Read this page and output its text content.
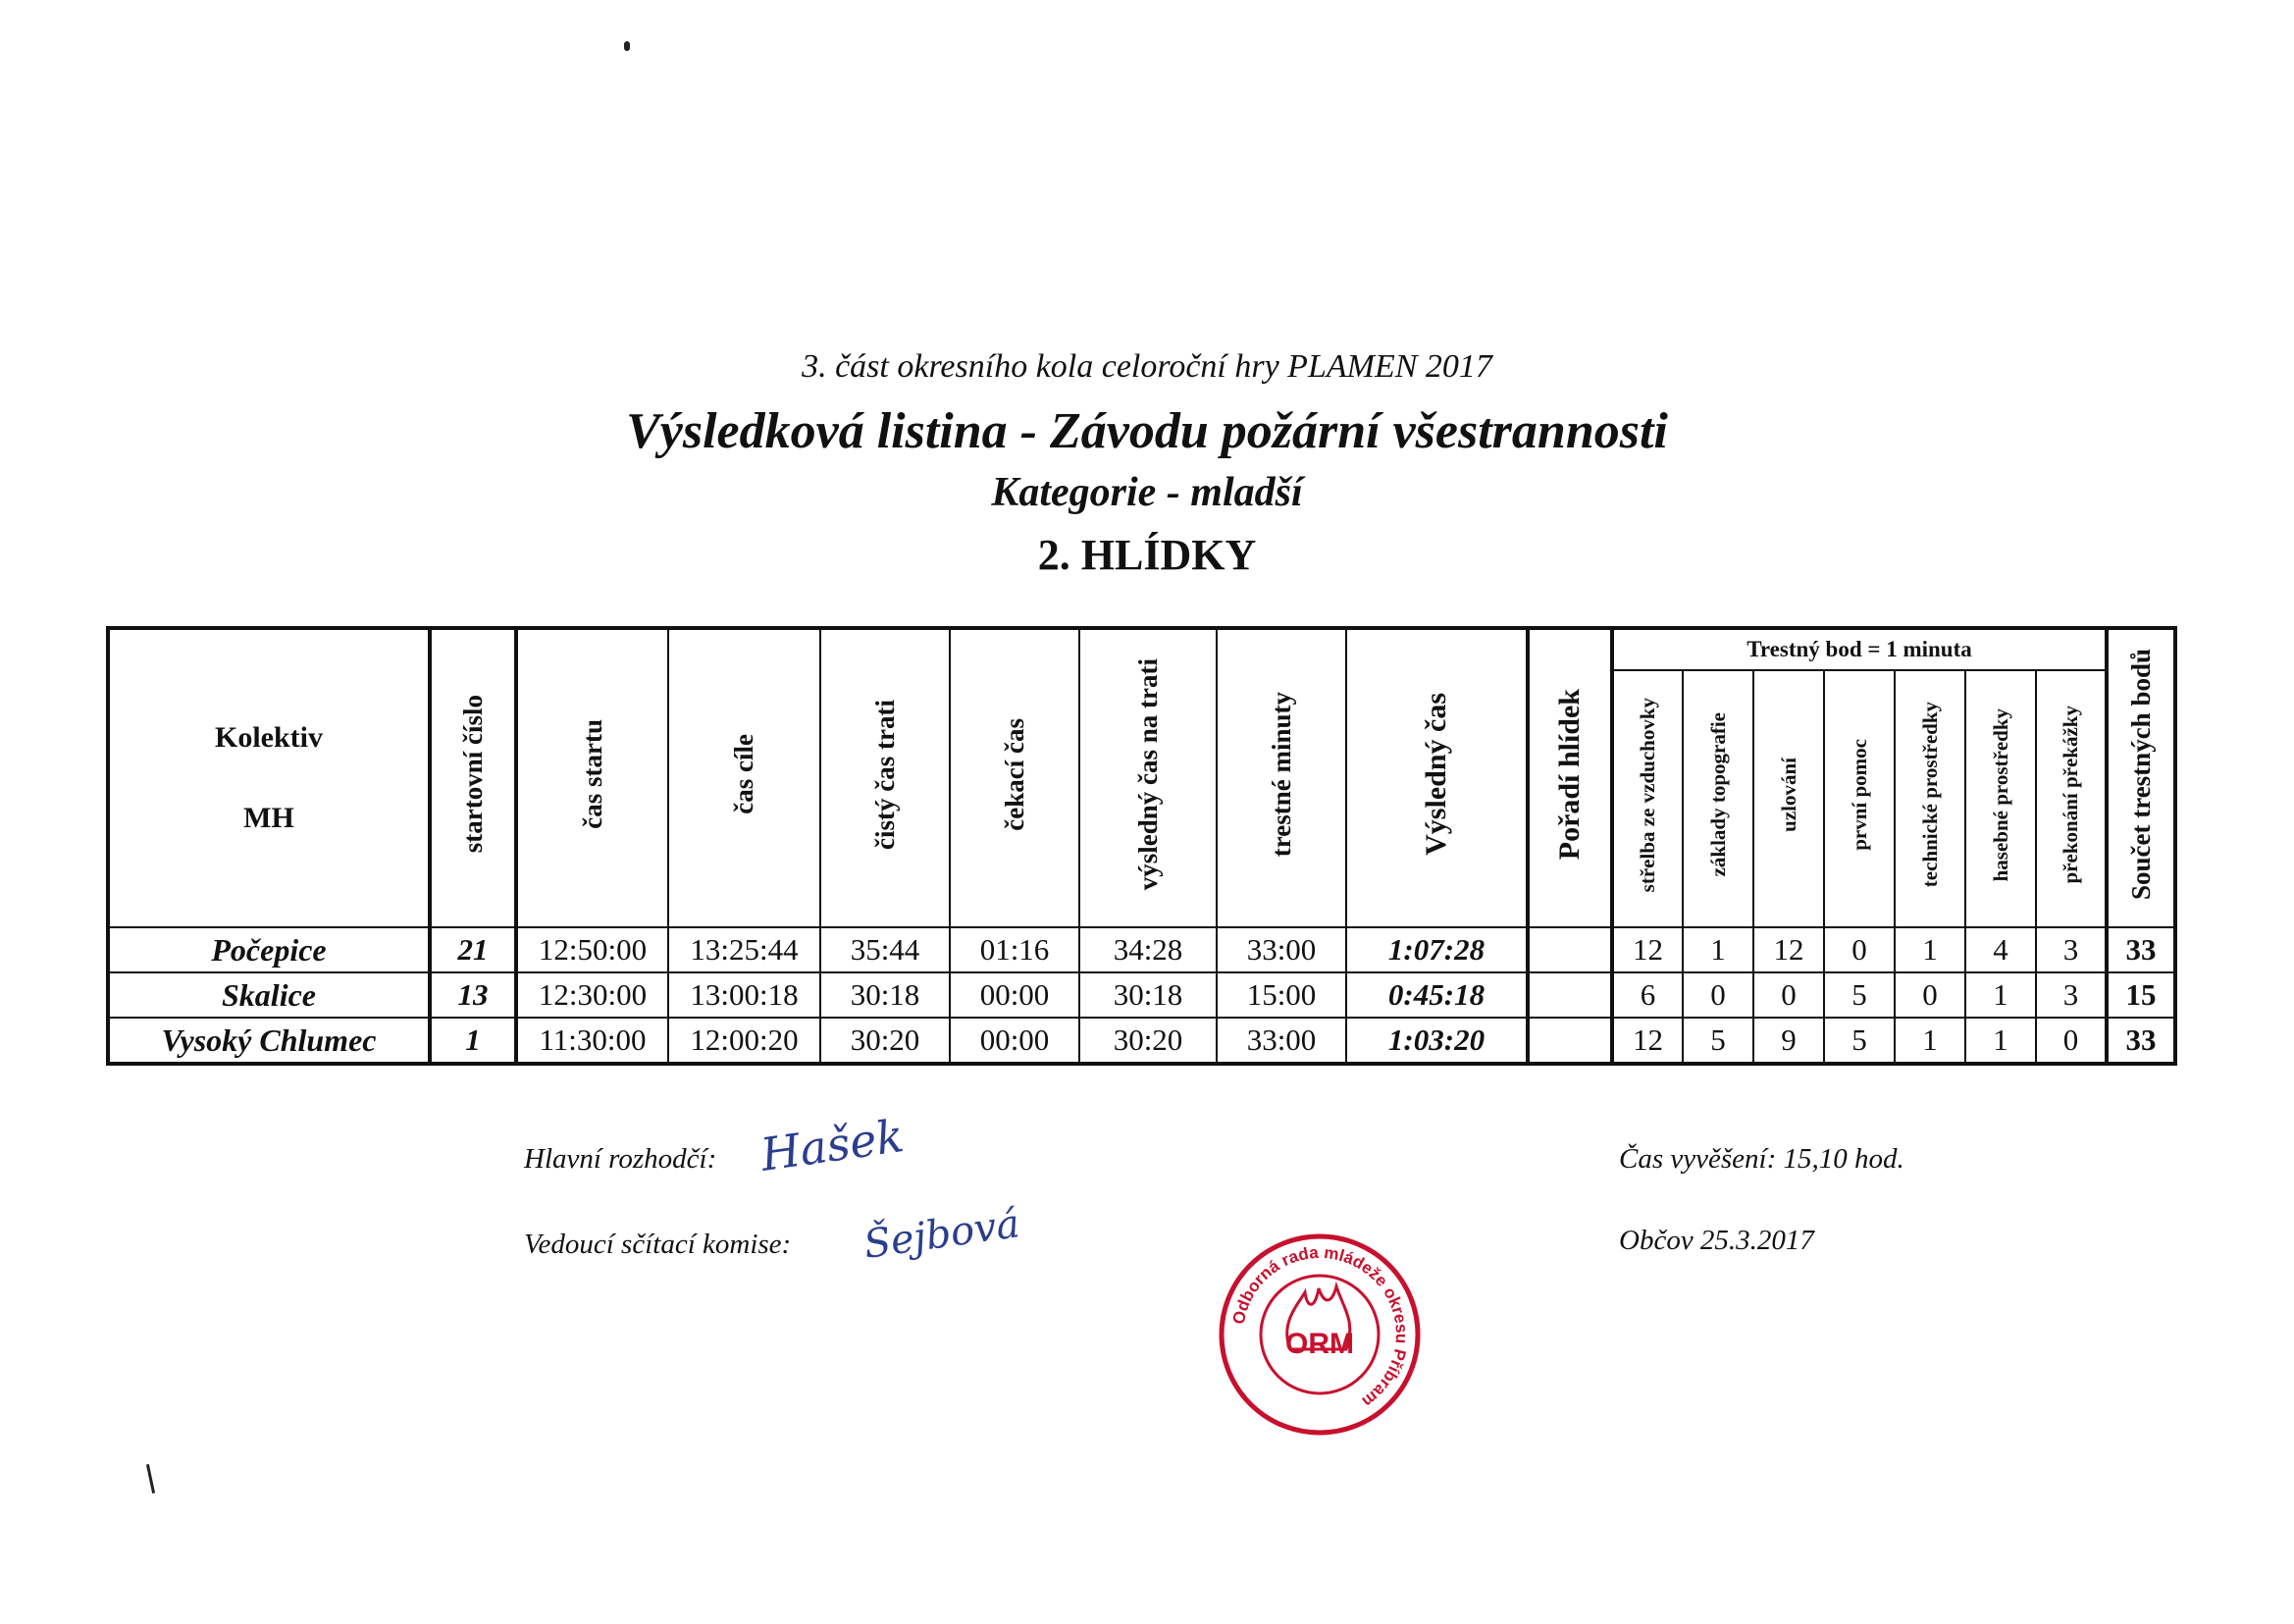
3. část okresního kola celoroční hry PLAMEN 2017
Výsledková listina - Závodu požární všestrannosti
Kategorie - mladší
2. HLÍDKY
Kolektiv
MH	startovní číslo	čas startu	čas cíle	čistý čas trati	čekací čas	výsledný čas na trati	trestné minuty	Výsledný čas	Pořadí hlídek	Trestný bod = 1 minuta							Součet trestných bodů
										střelba ze vzduchovky	základy topografie	uzlování	první pomoc	technické prostředky	hasebné prostředky	překonání překážky	
Počepice	21	12:50:00	13:25:44	35:44	01:16	34:28	33:00	1:07:28		12	1	12	0	1	4	3	33
Skalice	13	12:30:00	13:00:18	30:18	00:00	30:18	15:00	0:45:18		6	0	0	5	0	1	3	15
Vysoký Chlumec	1	11:30:00	12:00:20	30:20	00:00	30:20	33:00	1:03:20		12	5	9	5	1	1	0	33
Hlavní rozhodčí: Hašek
Vedoucí sčítací komise: Šejbová
Čas vyvěšení: 15,10 hod.
Občov 25.3.2017
Odborná rada mládeže okresu Příbram
ORM
